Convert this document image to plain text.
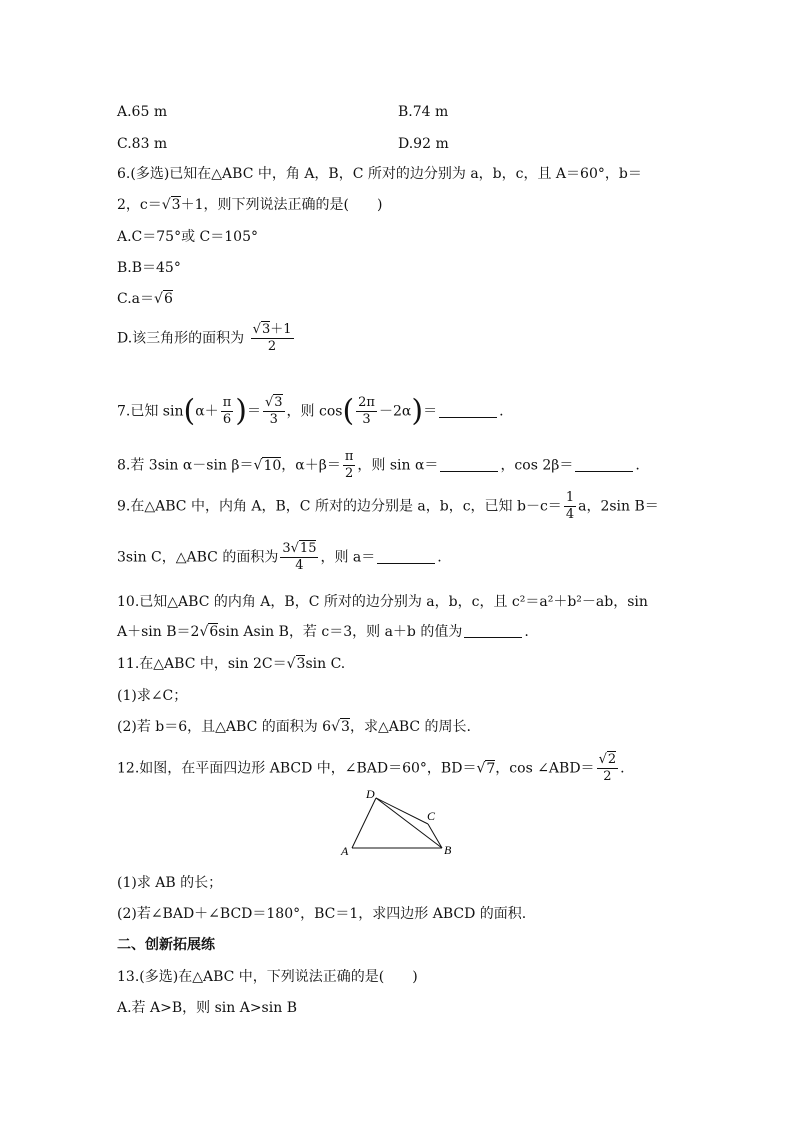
A.65 m	B.74 m
C.83 m	D.92 m
6.(多选)已知在△ABC 中，角 A，B，C 所对的边分别为 a，b，c，且 A＝60°，b＝
2，c＝√3＋1，则下列说法正确的是(　　)
A.C＝75°或 C＝105°
B.B＝45°
C.a＝√6
D.该三角形的面积为 $\frac{√3+1}{2}$
7.已知 $\sin(\alpha+ \frac{\pi}{6}$ )＝ $\frac{√3}{3}$ ，则 $\cos( \frac{2\pi}{3} -2\alpha)=$	.
8.若 3sin α－sin β＝√10，$\alpha+\beta= \frac{\pi}{2}$ ，则 sin α＝	，cos 2β＝	.
9.在△ABC 中，内角 A，B，C 所对的边分别是 a，b，c，已知 $b-c= \frac{1}{4}$ a，2sin B＝
3sin C，△ABC 的面积为 $\frac{3√15}{4}$ ，则 a＝	.
10.已知△ABC 的内角 A，B，C 所对的边分别为 a，b，c，且 c²＝a²＋b²－ab，sin
A＋sin B＝2√6sin Asin B，若 c＝3，则 a＋b 的值为	.
11.在△ABC 中，sin 2C＝√3sin C.
(1)求∠C；
(2)若 b＝6，且△ABC 的面积为 6√3，求△ABC 的周长.
12.如图，在平面四边形 ABCD 中，∠BAD＝60°，BD＝√7，cos ∠ABD＝ $\frac{√2}{2}$ .
A	B
C
D
(1)求 AB 的长；
(2)若∠BAD＋∠BCD＝180°，BC＝1，求四边形 ABCD 的面积.
二、创新拓展练
13.(多选)在△ABC 中，下列说法正确的是(　　)
A.若 A>B，则 sin A>sin B
